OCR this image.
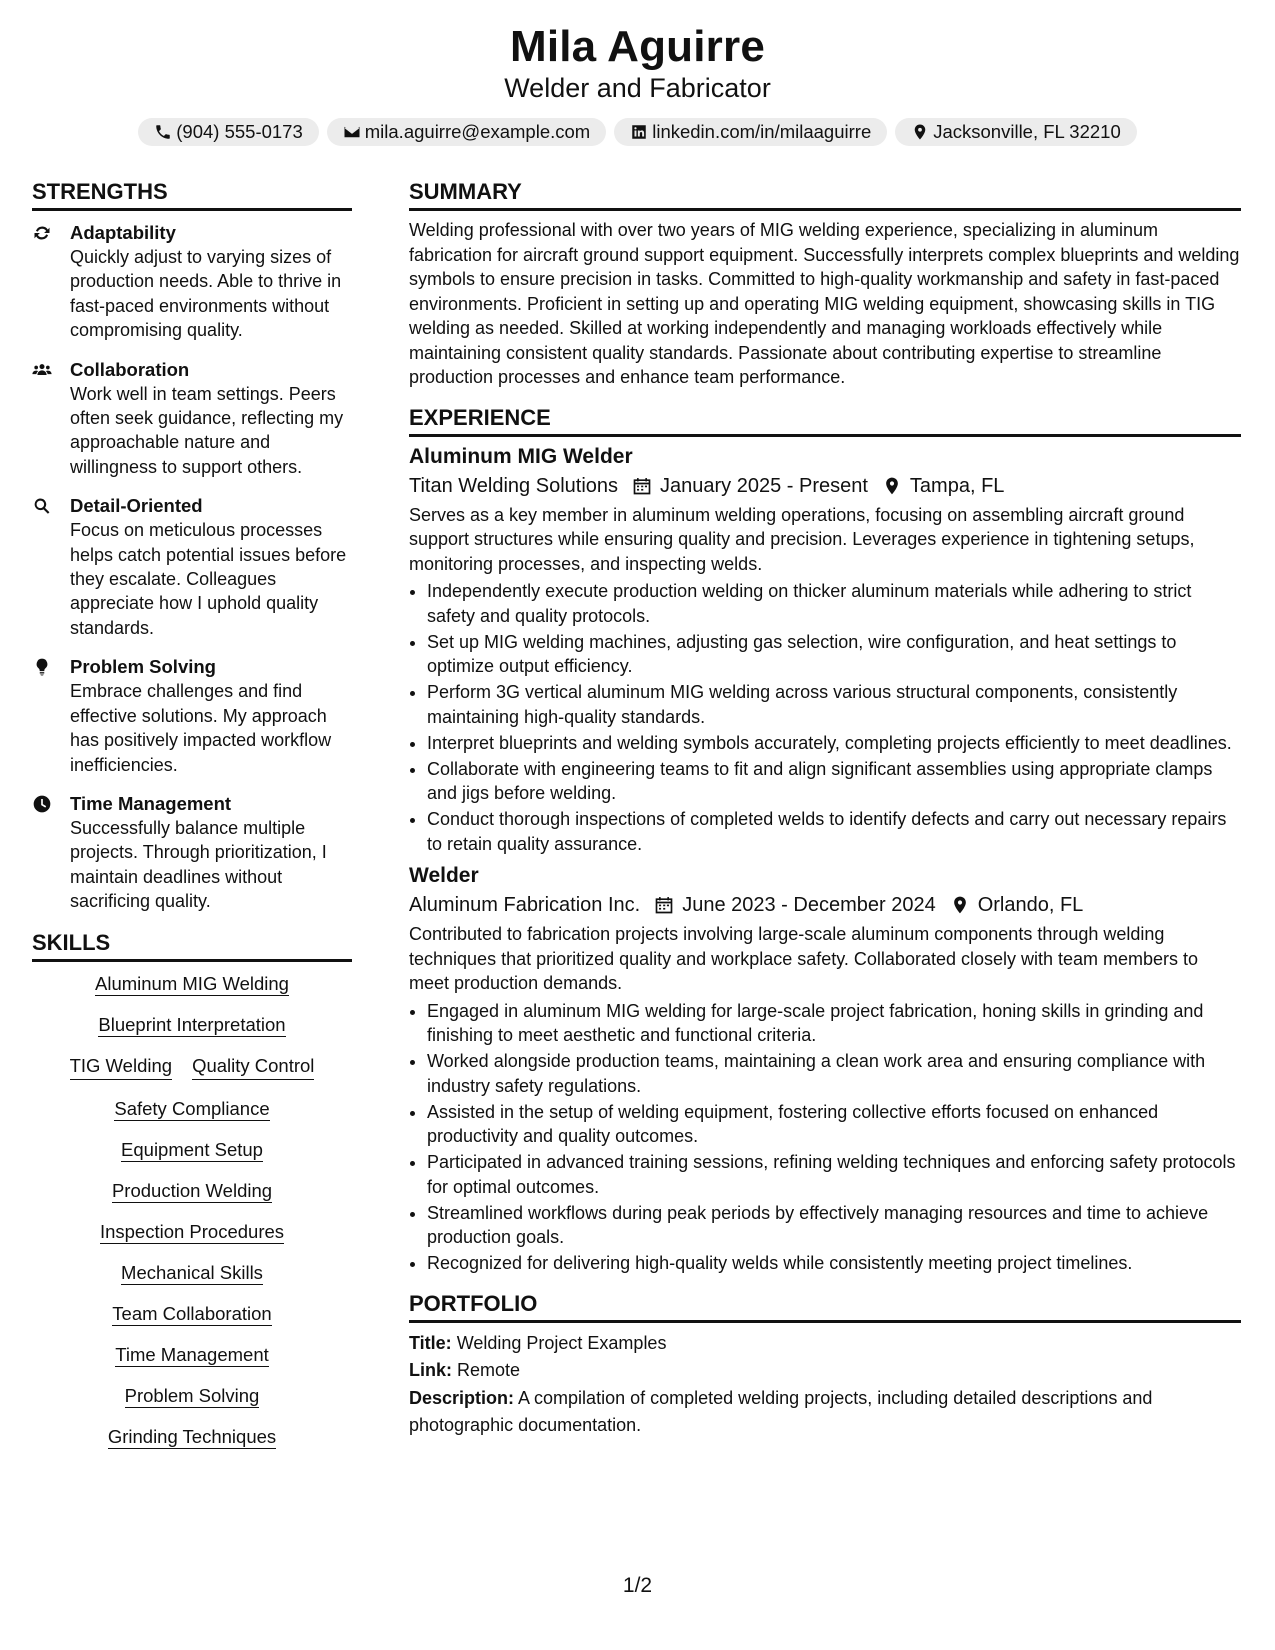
Mila Aguirre
Welder and Fabricator
(904) 555-0173	mila.aguirre@example.com	linkedin.com/in/milaaguirre	Jacksonville, FL 32210
STRENGTHS
Adaptability
Quickly adjust to varying sizes of production needs. Able to thrive in fast-paced environments without compromising quality.
Collaboration
Work well in team settings. Peers often seek guidance, reflecting my approachable nature and willingness to support others.
Detail-Oriented
Focus on meticulous processes helps catch potential issues before they escalate. Colleagues appreciate how I uphold quality standards.
Problem Solving
Embrace challenges and find effective solutions. My approach has positively impacted workflow inefficiencies.
Time Management
Successfully balance multiple projects. Through prioritization, I maintain deadlines without sacrificing quality.
SKILLS
Aluminum MIG Welding
Blueprint Interpretation
TIG Welding Quality Control
Safety Compliance
Equipment Setup
Production Welding
Inspection Procedures
Mechanical Skills
Team Collaboration
Time Management
Problem Solving
Grinding Techniques
SUMMARY
Welding professional with over two years of MIG welding experience, specializing in aluminum fabrication for aircraft ground support equipment. Successfully interprets complex blueprints and welding symbols to ensure precision in tasks. Committed to high-quality workmanship and safety in fast-paced environments. Proficient in setting up and operating MIG welding equipment, showcasing skills in TIG welding as needed. Skilled at working independently and managing workloads effectively while maintaining consistent quality standards. Passionate about contributing expertise to streamline production processes and enhance team performance.
EXPERIENCE
Aluminum MIG Welder
Titan Welding Solutions January 2025 - Present Tampa, FL
Serves as a key member in aluminum welding operations, focusing on assembling aircraft ground support structures while ensuring quality and precision. Leverages experience in tightening setups, monitoring processes, and inspecting welds.
• Independently execute production welding on thicker aluminum materials while adhering to strict safety and quality protocols.
• Set up MIG welding machines, adjusting gas selection, wire configuration, and heat settings to optimize output efficiency.
• Perform 3G vertical aluminum MIG welding across various structural components, consistently maintaining high-quality standards.
• Interpret blueprints and welding symbols accurately, completing projects efficiently to meet deadlines.
• Collaborate with engineering teams to fit and align significant assemblies using appropriate clamps and jigs before welding.
• Conduct thorough inspections of completed welds to identify defects and carry out necessary repairs to retain quality assurance.
Welder
Aluminum Fabrication Inc. June 2023 - December 2024 Orlando, FL
Contributed to fabrication projects involving large-scale aluminum components through welding techniques that prioritized quality and workplace safety. Collaborated closely with team members to meet production demands.
• Engaged in aluminum MIG welding for large-scale project fabrication, honing skills in grinding and finishing to meet aesthetic and functional criteria.
• Worked alongside production teams, maintaining a clean work area and ensuring compliance with industry safety regulations.
• Assisted in the setup of welding equipment, fostering collective efforts focused on enhanced productivity and quality outcomes.
• Participated in advanced training sessions, refining welding techniques and enforcing safety protocols for optimal outcomes.
• Streamlined workflows during peak periods by effectively managing resources and time to achieve production goals.
• Recognized for delivering high-quality welds while consistently meeting project timelines.
PORTFOLIO
Title: Welding Project Examples
Link: Remote
Description: A compilation of completed welding projects, including detailed descriptions and photographic documentation.
1/2
